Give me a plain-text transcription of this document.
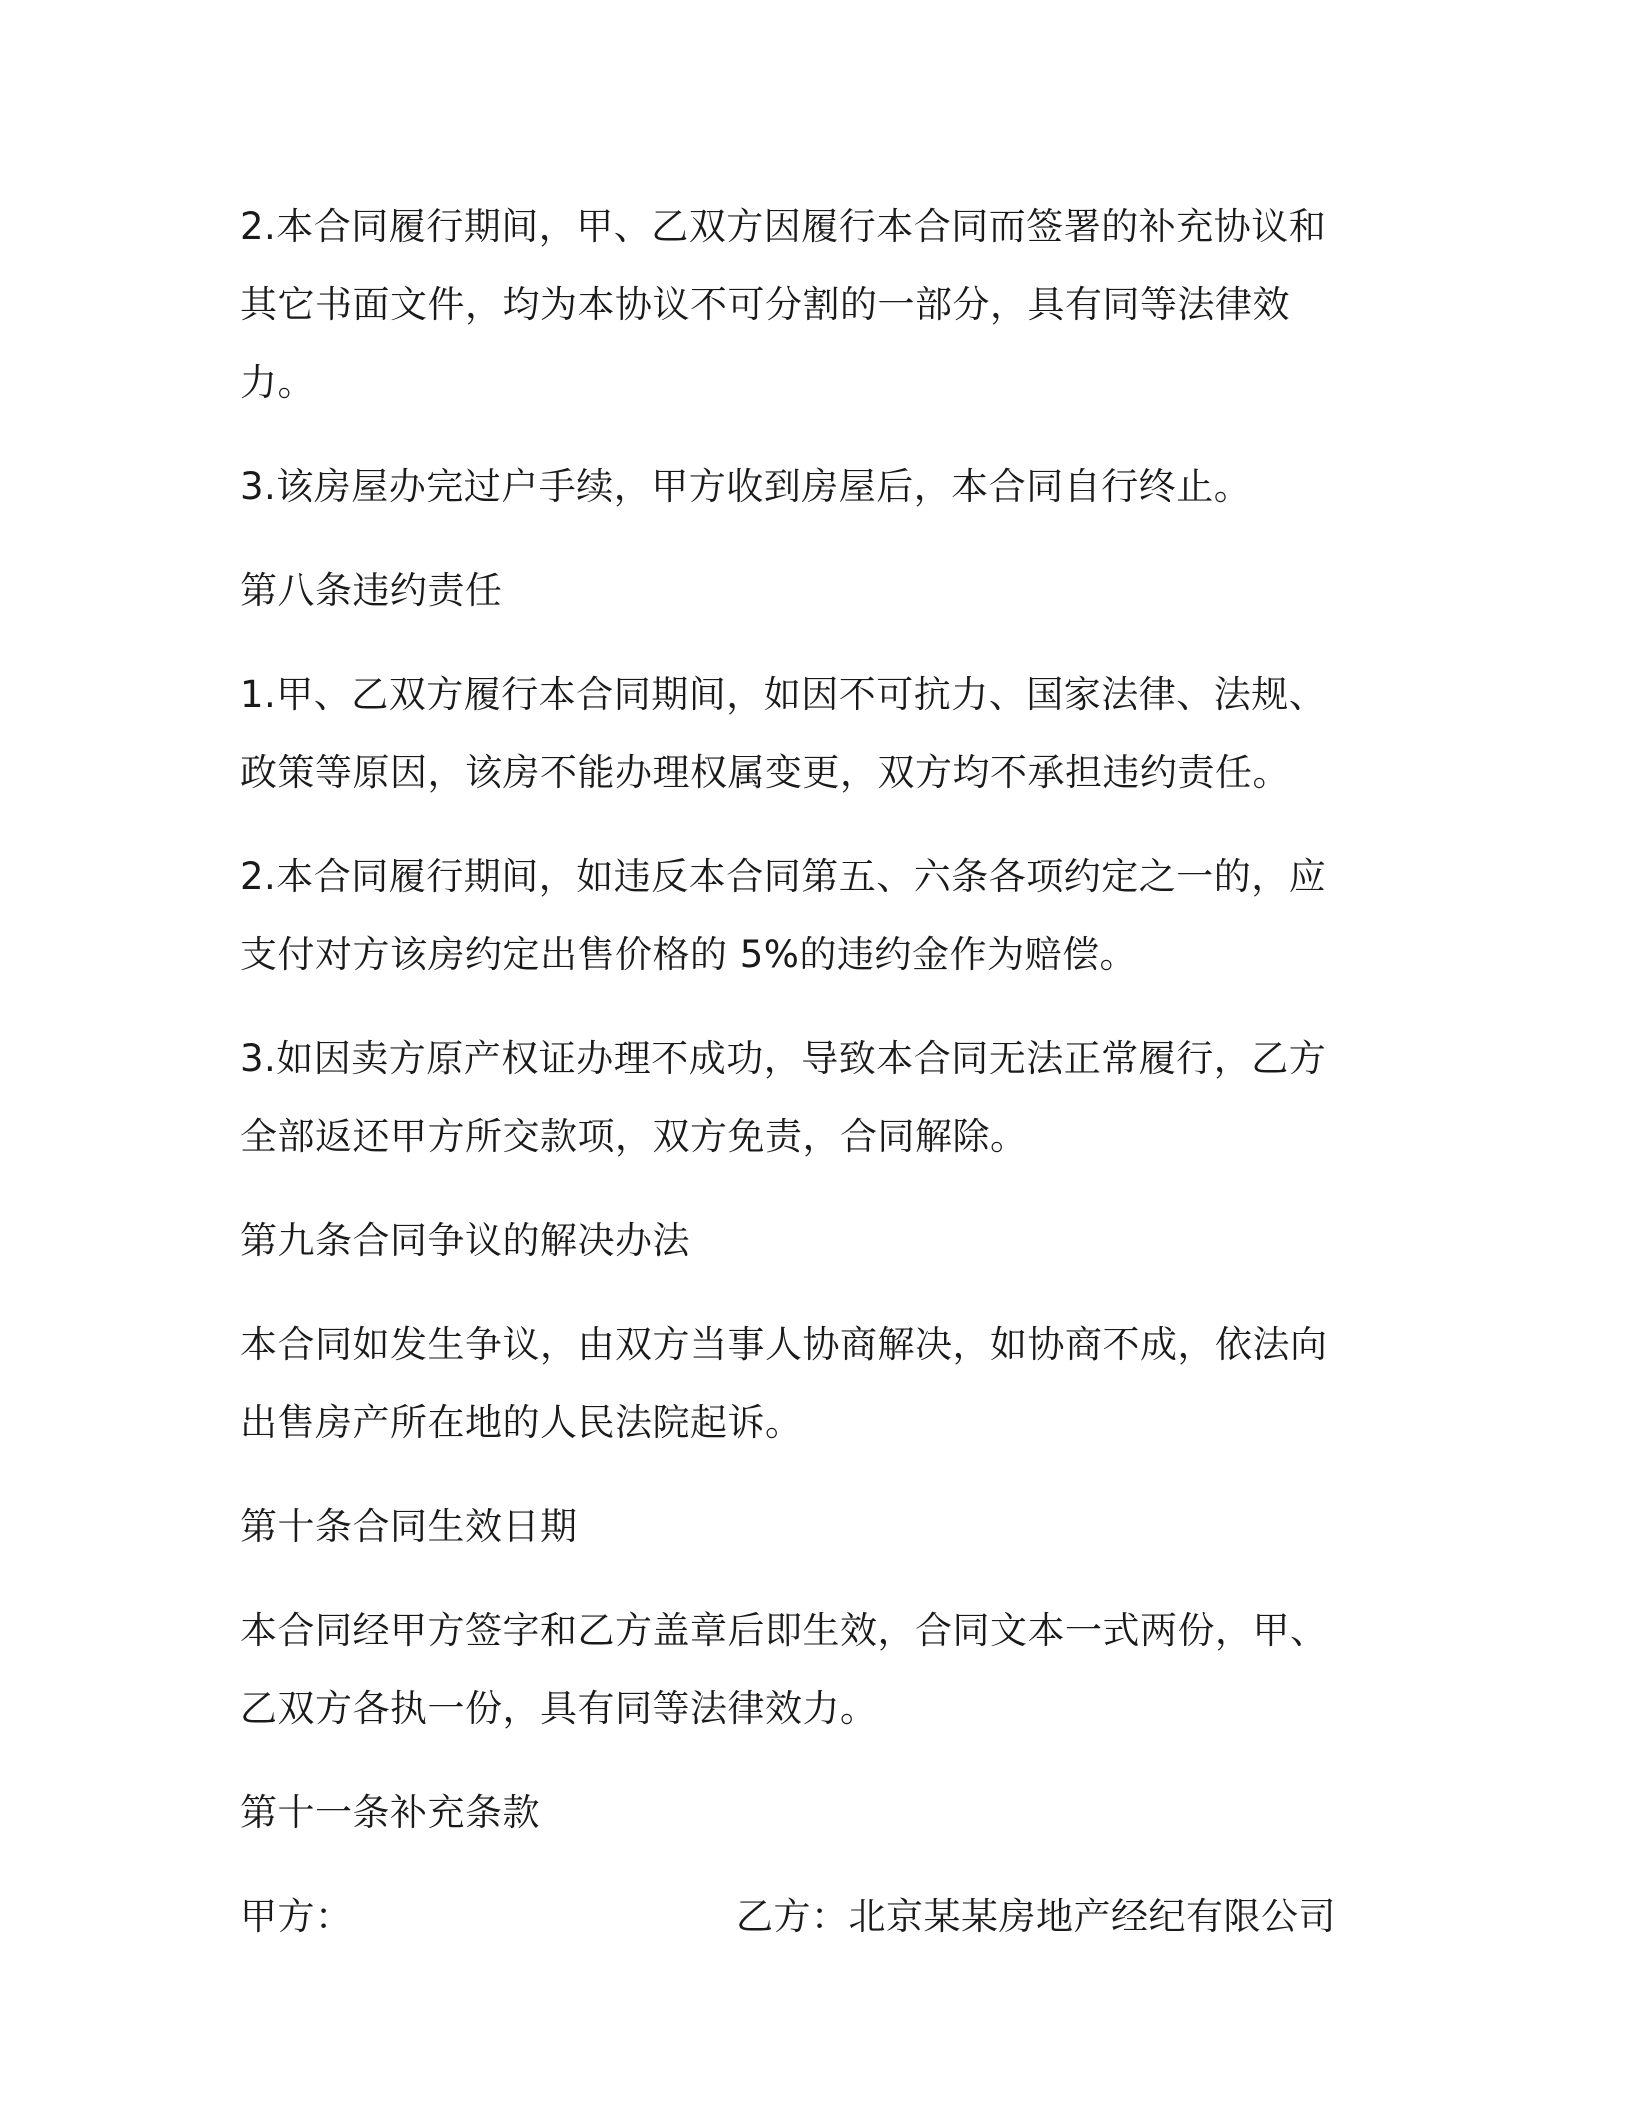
2.本合同履行期间，甲、乙双方因履行本合同而签署的补充协议和其它书面文件，均为本协议不可分割的一部分，具有同等法律效力。

3.该房屋办完过户手续，甲方收到房屋后，本合同自行终止。

第八条违约责任

1.甲、乙双方履行本合同期间，如因不可抗力、国家法律、法规、政策等原因，该房不能办理权属变更，双方均不承担违约责任。

2.本合同履行期间，如违反本合同第五、六条各项约定之一的，应支付对方该房约定出售价格的 5%的违约金作为赔偿。

3.如因卖方原产权证办理不成功，导致本合同无法正常履行，乙方全部返还甲方所交款项，双方免责，合同解除。

第九条合同争议的解决办法

本合同如发生争议，由双方当事人协商解决，如协商不成，依法向出售房产所在地的人民法院起诉。

第十条合同生效日期

本合同经甲方签字和乙方盖章后即生效，合同文本一式两份，甲、乙双方各执一份，具有同等法律效力。

第十一条补充条款

甲方：	乙方：北京某某房地产经纪有限公司
